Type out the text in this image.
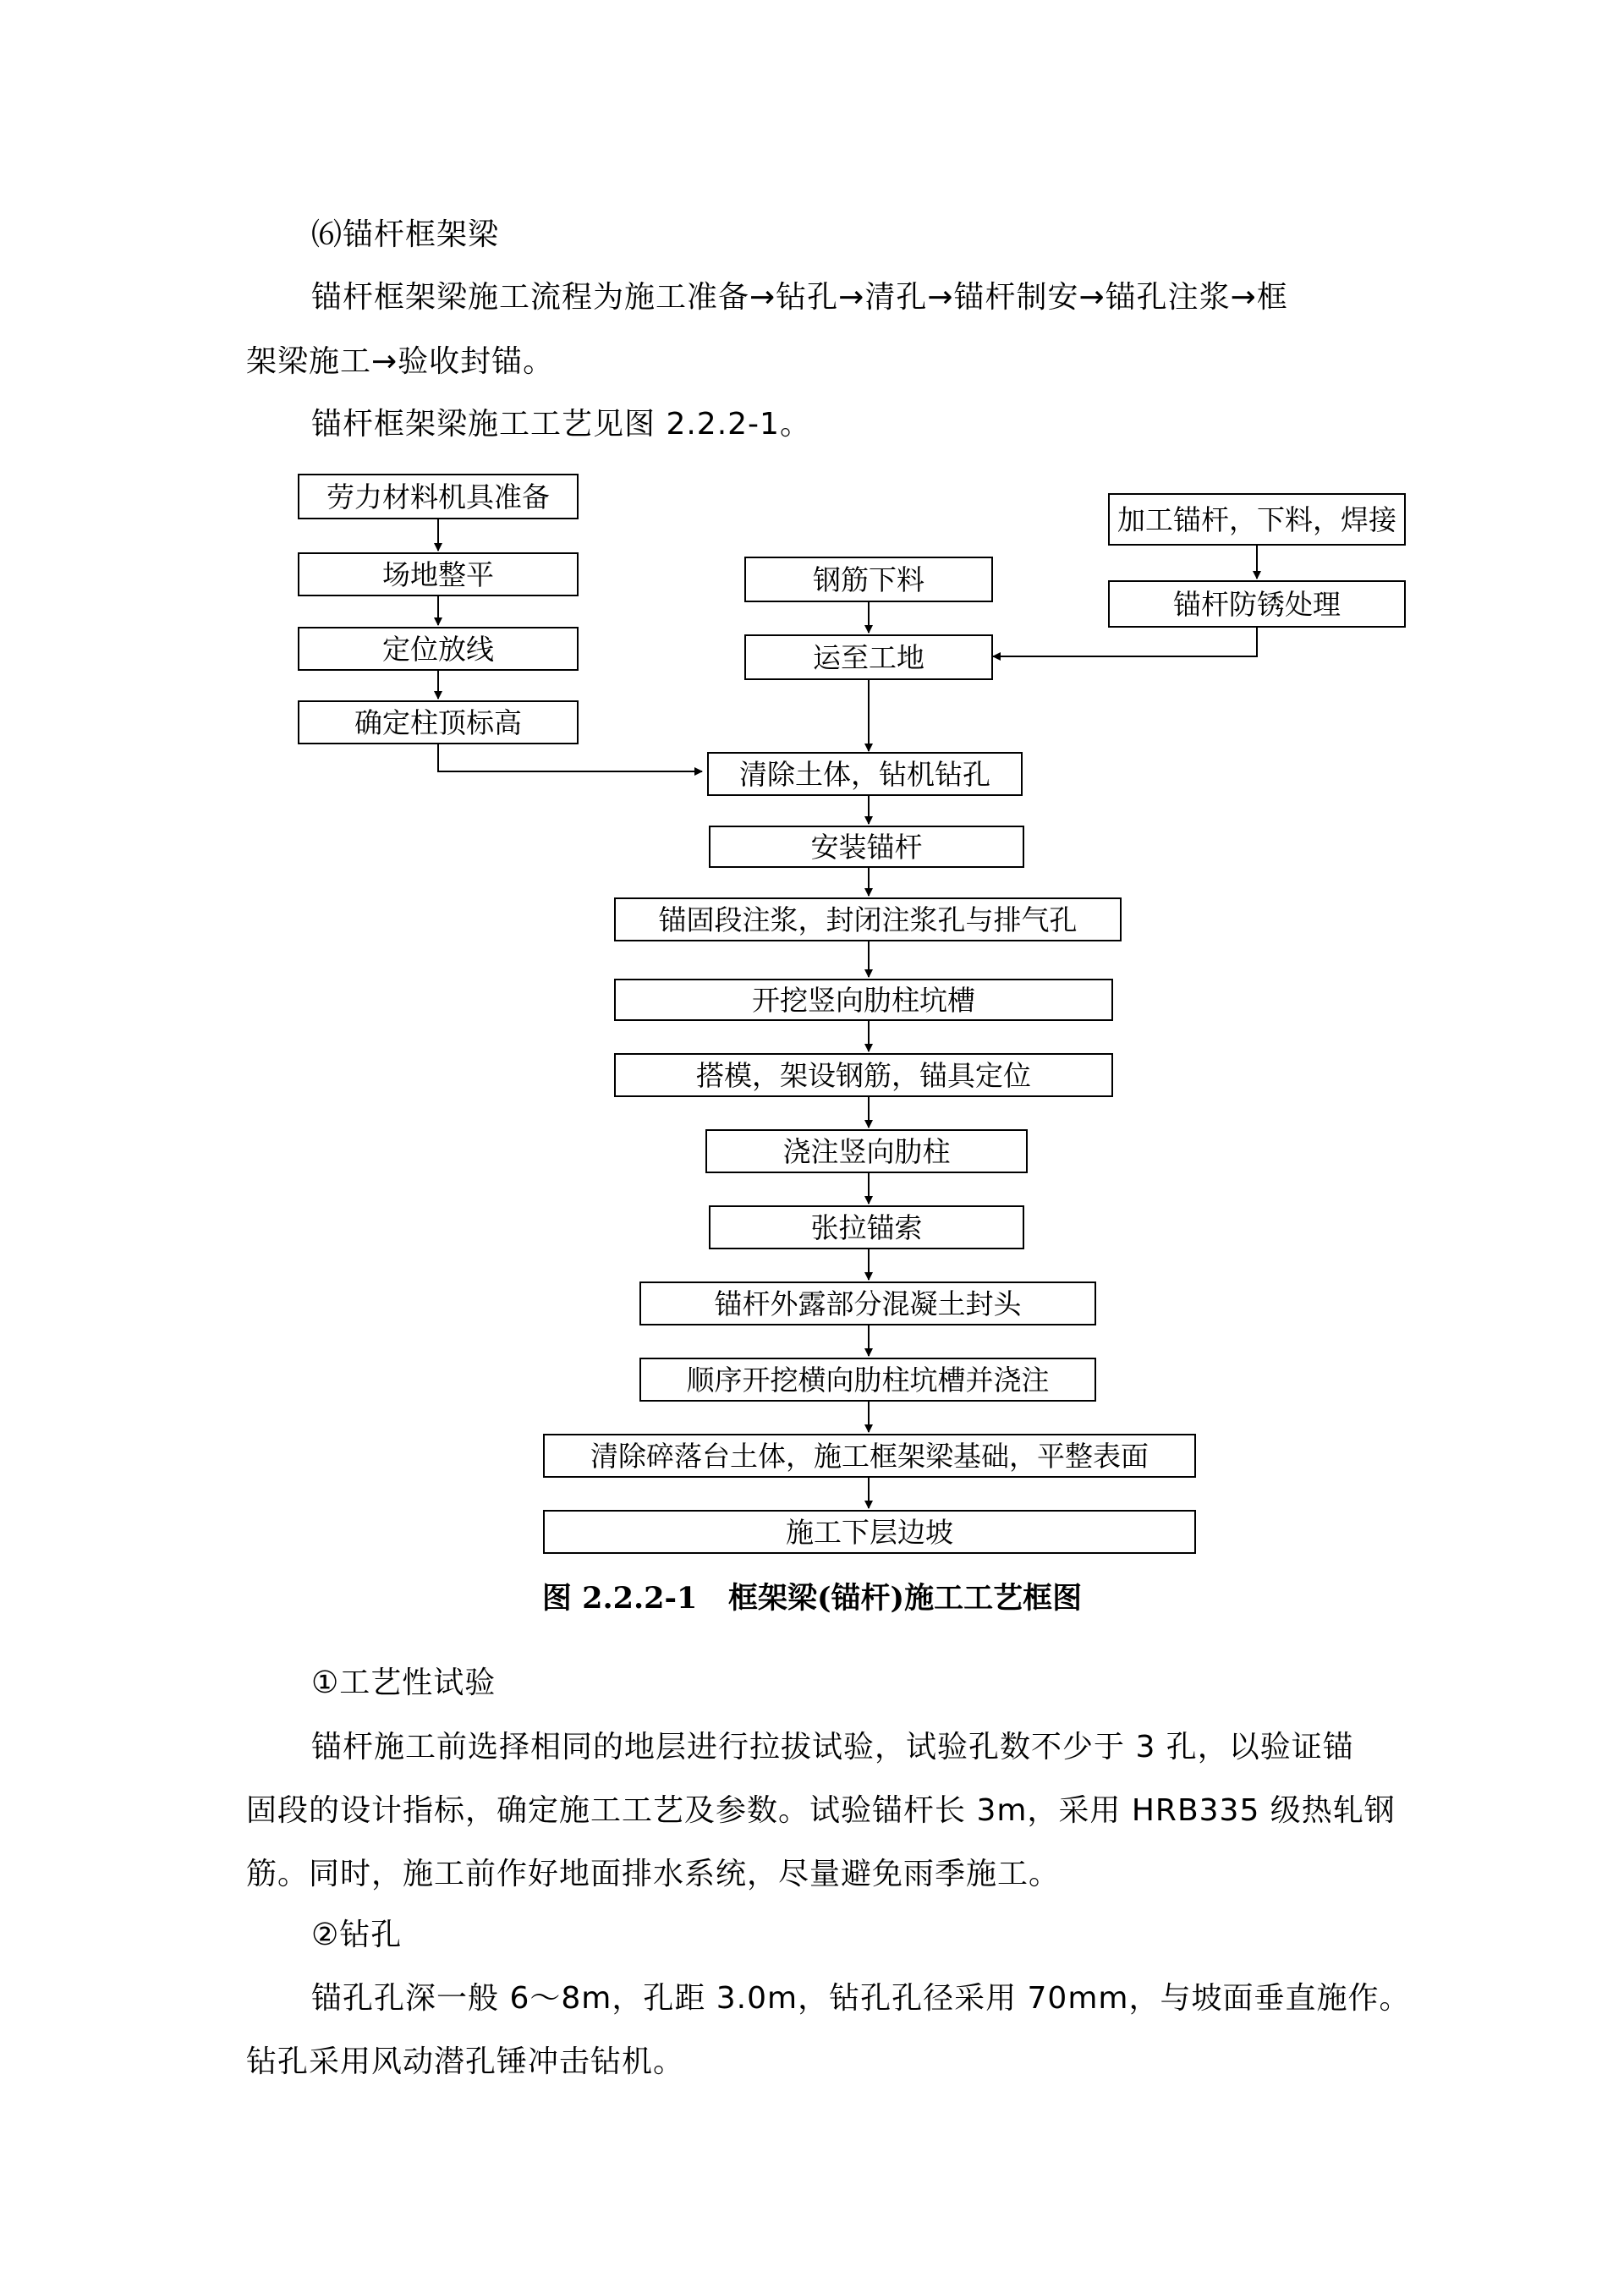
⑹锚杆框架梁
锚杆框架梁施工流程为施工准备→钻孔→清孔→锚杆制安→锚孔注浆→框
架梁施工→验收封锚。
锚杆框架梁施工工艺见图 2.2.2-1。
劳力材料机具准备
场地整平
定位放线
确定柱顶标高
钢筋下料
运至工地
加工锚杆，下料，焊接
锚杆防锈处理
清除土体，钻机钻孔
安装锚杆
锚固段注浆，封闭注浆孔与排气孔
开挖竖向肋柱坑槽
搭模，架设钢筋，锚具定位
浇注竖向肋柱
张拉锚索
锚杆外露部分混凝土封头
顺序开挖横向肋柱坑槽并浇注
清除碎落台土体，施工框架梁基础，平整表面
施工下层边坡
图 2.2.2-1   框架梁(锚杆)施工工艺框图
①工艺性试验
锚杆施工前选择相同的地层进行拉拔试验，试验孔数不少于 3 孔，以验证锚
固段的设计指标，确定施工工艺及参数。试验锚杆长 3m，采用 HRB335 级热轧钢
筋。同时，施工前作好地面排水系统，尽量避免雨季施工。
②钻孔
锚孔孔深一般 6～8m，孔距 3.0m，钻孔孔径采用 70mm，与坡面垂直施作。
钻孔采用风动潜孔锤冲击钻机。
